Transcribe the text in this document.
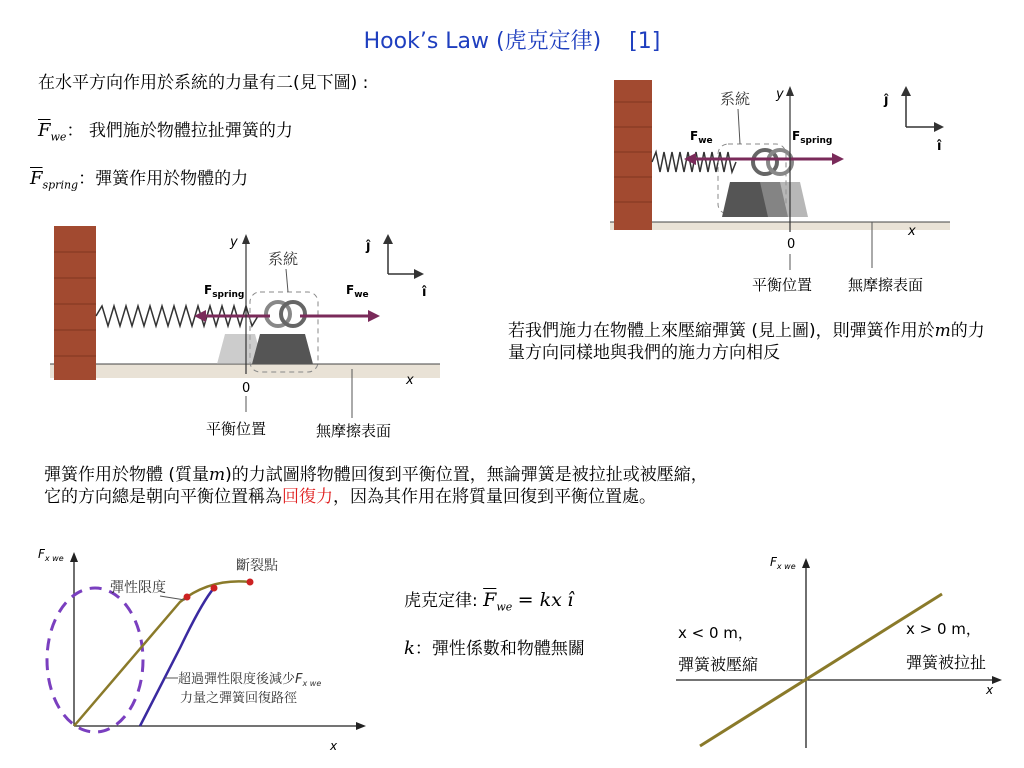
Hook’s Law (虎克定律) [1]
在水平方向作用於系統的力量有二(見下圖) :
$\overline{F}_{we}$： 我們施於物體拉扯彈簧的力
$\overline{F}_{spring}$：彈簧作用於物體的力
系統
$F_{we}$	$F_{spring}$
y
0
x
ĵ
î
平衡位置 無摩擦表面
系統
$F_{spring}$	$F_{we}$
y
0
x
ĵ
î
平衡位置	無摩擦表面
若我們施力在物體上來壓縮彈簧 (見上圖)，則彈簧作用於m的力量方向同樣地與我們的施力方向相反
彈簧作用於物體 (質量m)的力試圖將物體回復到平衡位置，無論彈簧是被拉扯或被壓縮，
它的方向總是朝向平衡位置稱為回復力，因為其作用在將質量回復到平衡位置處。
$F_{x we}$
x
彈性限度
斷裂點
超過彈性限度後減少$F_{x we}$
力量之彈簧回復路徑
虎克定律: $\overline{F}_{we}$ = kx î
k：彈性係數和物體無關
$F_{x we}$
x
x < 0 m，
彈簧被壓縮
x > 0 m，
彈簧被拉扯
